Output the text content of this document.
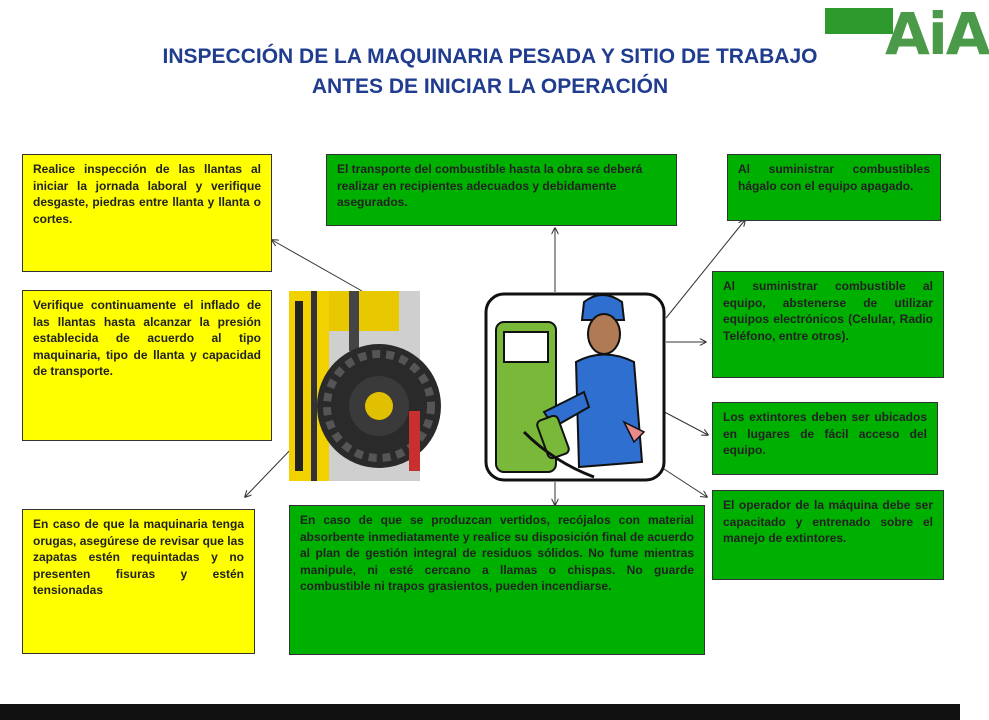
AiA
INSPECCIÓN DE LA MAQUINARIA PESADA Y SITIO DE TRABAJO
ANTES DE INICIAR LA OPERACIÓN
Realice inspección de las llantas al iniciar la jornada laboral y verifique desgaste, piedras entre llanta y llanta o cortes.
Verifique continuamente el inflado de las llantas hasta alcanzar la presión establecida de acuerdo al tipo maquinaria, tipo de llanta y capacidad de transporte.
En caso de que la maquinaria tenga orugas, asegúrese de revisar que las zapatas estén requintadas y no presenten fisuras y estén tensionadas
El transporte del combustible hasta la obra se deberá realizar en recipientes adecuados y debidamente asegurados.
En caso de que se produzcan vertidos, recójalos con material absorbente inmediatamente y realice su disposición final de acuerdo al plan de gestión integral de residuos sólidos. No fume mientras manipule, ni esté cercano a llamas o chispas. No guarde combustible ni trapos grasientos, pueden incendiarse.
Al suministrar combustibles hágalo con el equipo apagado.
Al suministrar combustible al equipo, abstenerse de utilizar equipos electrónicos (Celular, Radio Teléfono, entre otros).
Los extintores deben ser ubicados en lugares de fácil acceso del equipo.
El operador de la máquina debe ser capacitado y entrenado sobre el manejo de extintores.
